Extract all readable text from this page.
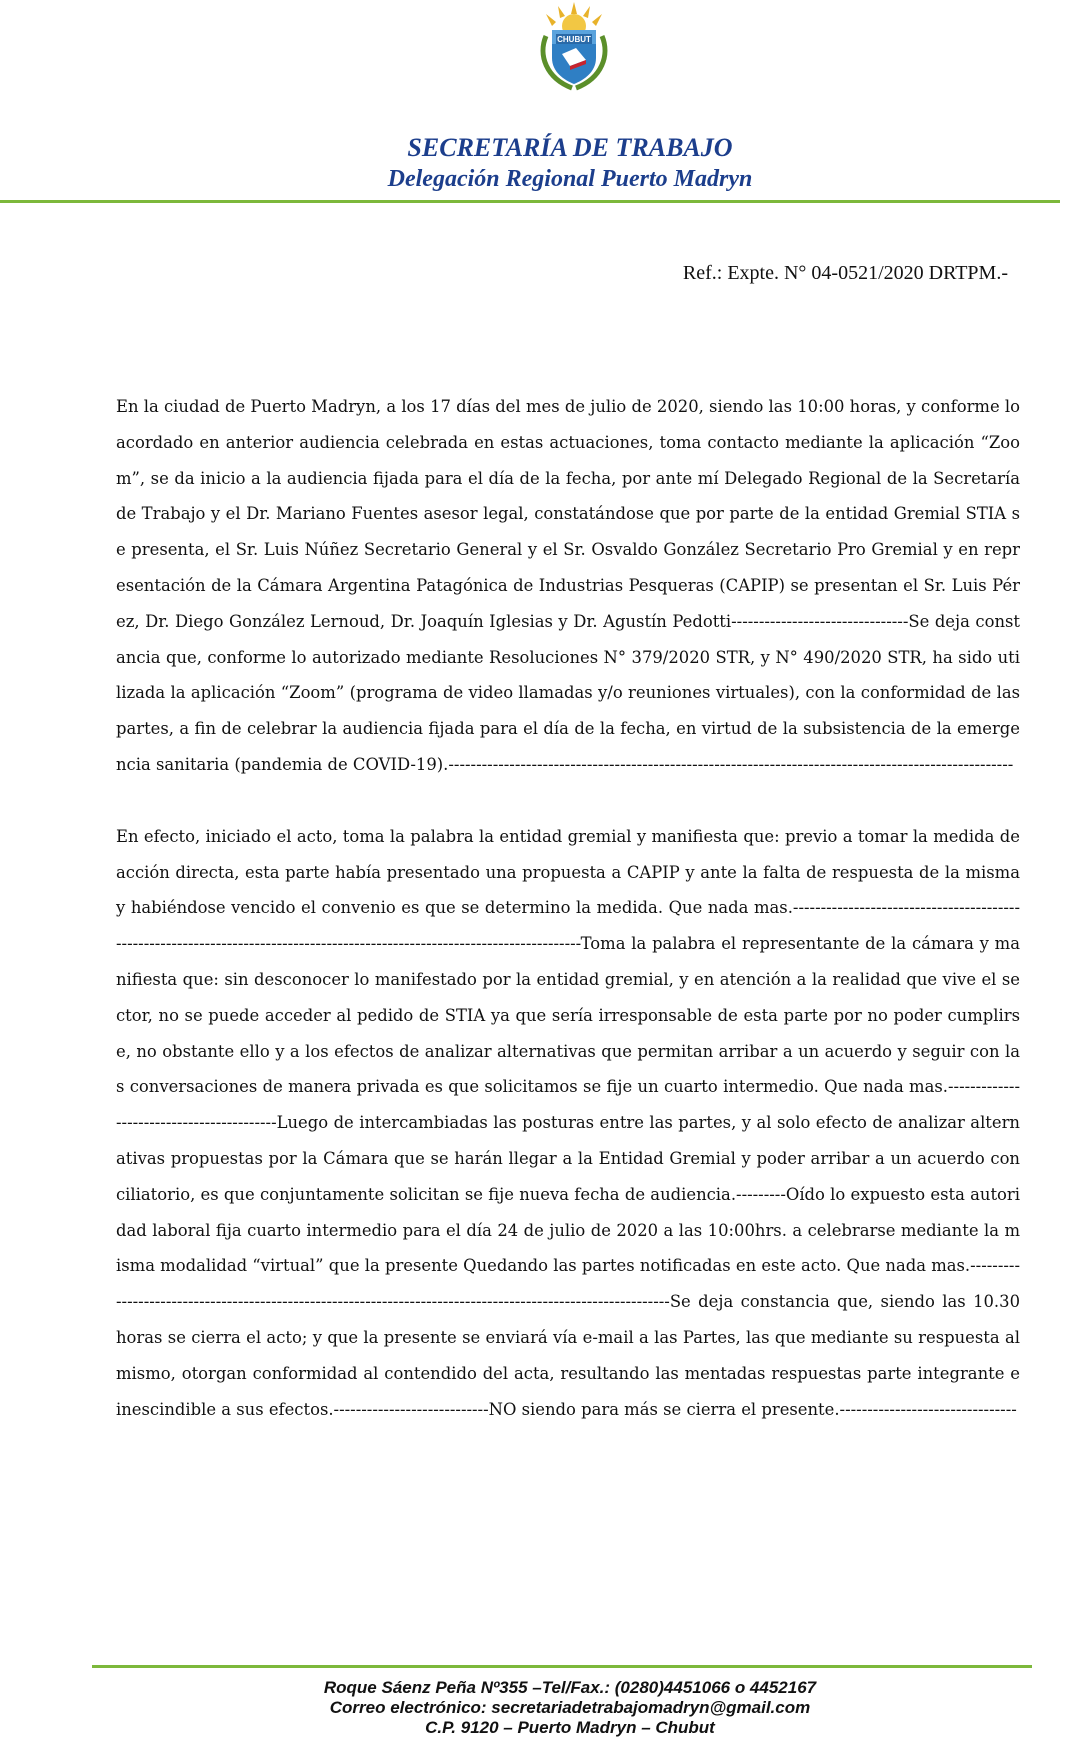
CHUBUT
SECRETARÍA DE TRABAJO
Delegación Regional Puerto Madryn
Ref.: Expte. N° 04-0521/2020 DRTPM.-

En la ciudad de Puerto Madryn, a los 17 días del mes de julio de 2020, siendo las 10:00 horas, y conforme lo acordado en anterior audiencia celebrada en estas actuaciones, toma contacto mediante la aplicación “Zoom”, se da inicio a la audiencia fijada para el día de la fecha, por ante mí Delegado Regional de la Secretaría de Trabajo y el Dr. Mariano Fuentes asesor legal, constatándose que por parte de la entidad Gremial STIA se presenta, el Sr. Luis Núñez Secretario General y el Sr. Osvaldo González Secretario Pro Gremial y en representación de la Cámara Argentina Patagónica de Industrias Pesqueras (CAPIP) se presentan el Sr. Luis Pérez, Dr. Diego González Lernoud, Dr. Joaquín Iglesias y Dr. Agustín Pedotti--------------------------------Se deja constancia que, conforme lo autorizado mediante Resoluciones N° 379/2020 STR, y N° 490/2020 STR, ha sido utilizada la aplicación “Zoom” (programa de video llamadas y/o reuniones virtuales), con la conformidad de las partes, a fin de celebrar la audiencia fijada para el día de la fecha, en virtud de la subsistencia de la emergencia sanitaria (pandemia de COVID-19).------------------------------------------------------------------------------------------------------

En efecto, iniciado el acto, toma la palabra la entidad gremial y manifiesta que: previo a tomar la medida de acción directa, esta parte había presentado una propuesta a CAPIP y ante la falta de respuesta de la misma y habiéndose vencido el convenio es que se determino la medida. Que nada mas.-----------------------------------------------------------------------------------------------------------------------------Toma la palabra el representante de la cámara y manifiesta que: sin desconocer lo manifestado por la entidad gremial, y en atención a la realidad que vive el sector, no se puede acceder al pedido de STIA ya que sería irresponsable de esta parte por no poder cumplirse, no obstante ello y a los efectos de analizar alternativas que permitan arribar a un acuerdo y seguir con las conversaciones de manera privada es que solicitamos se fije un cuarto intermedio. Que nada mas.------------------------------------------Luego de intercambiadas las posturas entre las partes, y al solo efecto de analizar alternativas propuestas por la Cámara que se harán llegar a la Entidad Gremial y poder arribar a un acuerdo conciliatorio, es que conjuntamente solicitan se fije nueva fecha de audiencia.---------Oído lo expuesto esta autoridad laboral fija cuarto intermedio para el día 24 de julio de 2020 a las 10:00hrs. a celebrarse mediante la misma modalidad “virtual” que la presente Quedando las partes notificadas en este acto. Que nada mas.-------------------------------------------------------------------------------------------------------------Se deja constancia que, siendo las 10.30 horas se cierra el acto; y que la presente se enviará vía e-mail a las Partes, las que mediante su respuesta al mismo, otorgan conformidad al contendido del acta, resultando las mentadas respuestas parte integrante e inescindible a sus efectos.----------------------------NO siendo para más se cierra el presente.--------------------------------

Roque Sáenz Peña Nº355 –Tel/Fax.: (0280)4451066 o 4452167
Correo electrónico: secretariadetrabajomadryn@gmail.com
C.P. 9120 – Puerto Madryn – Chubut
